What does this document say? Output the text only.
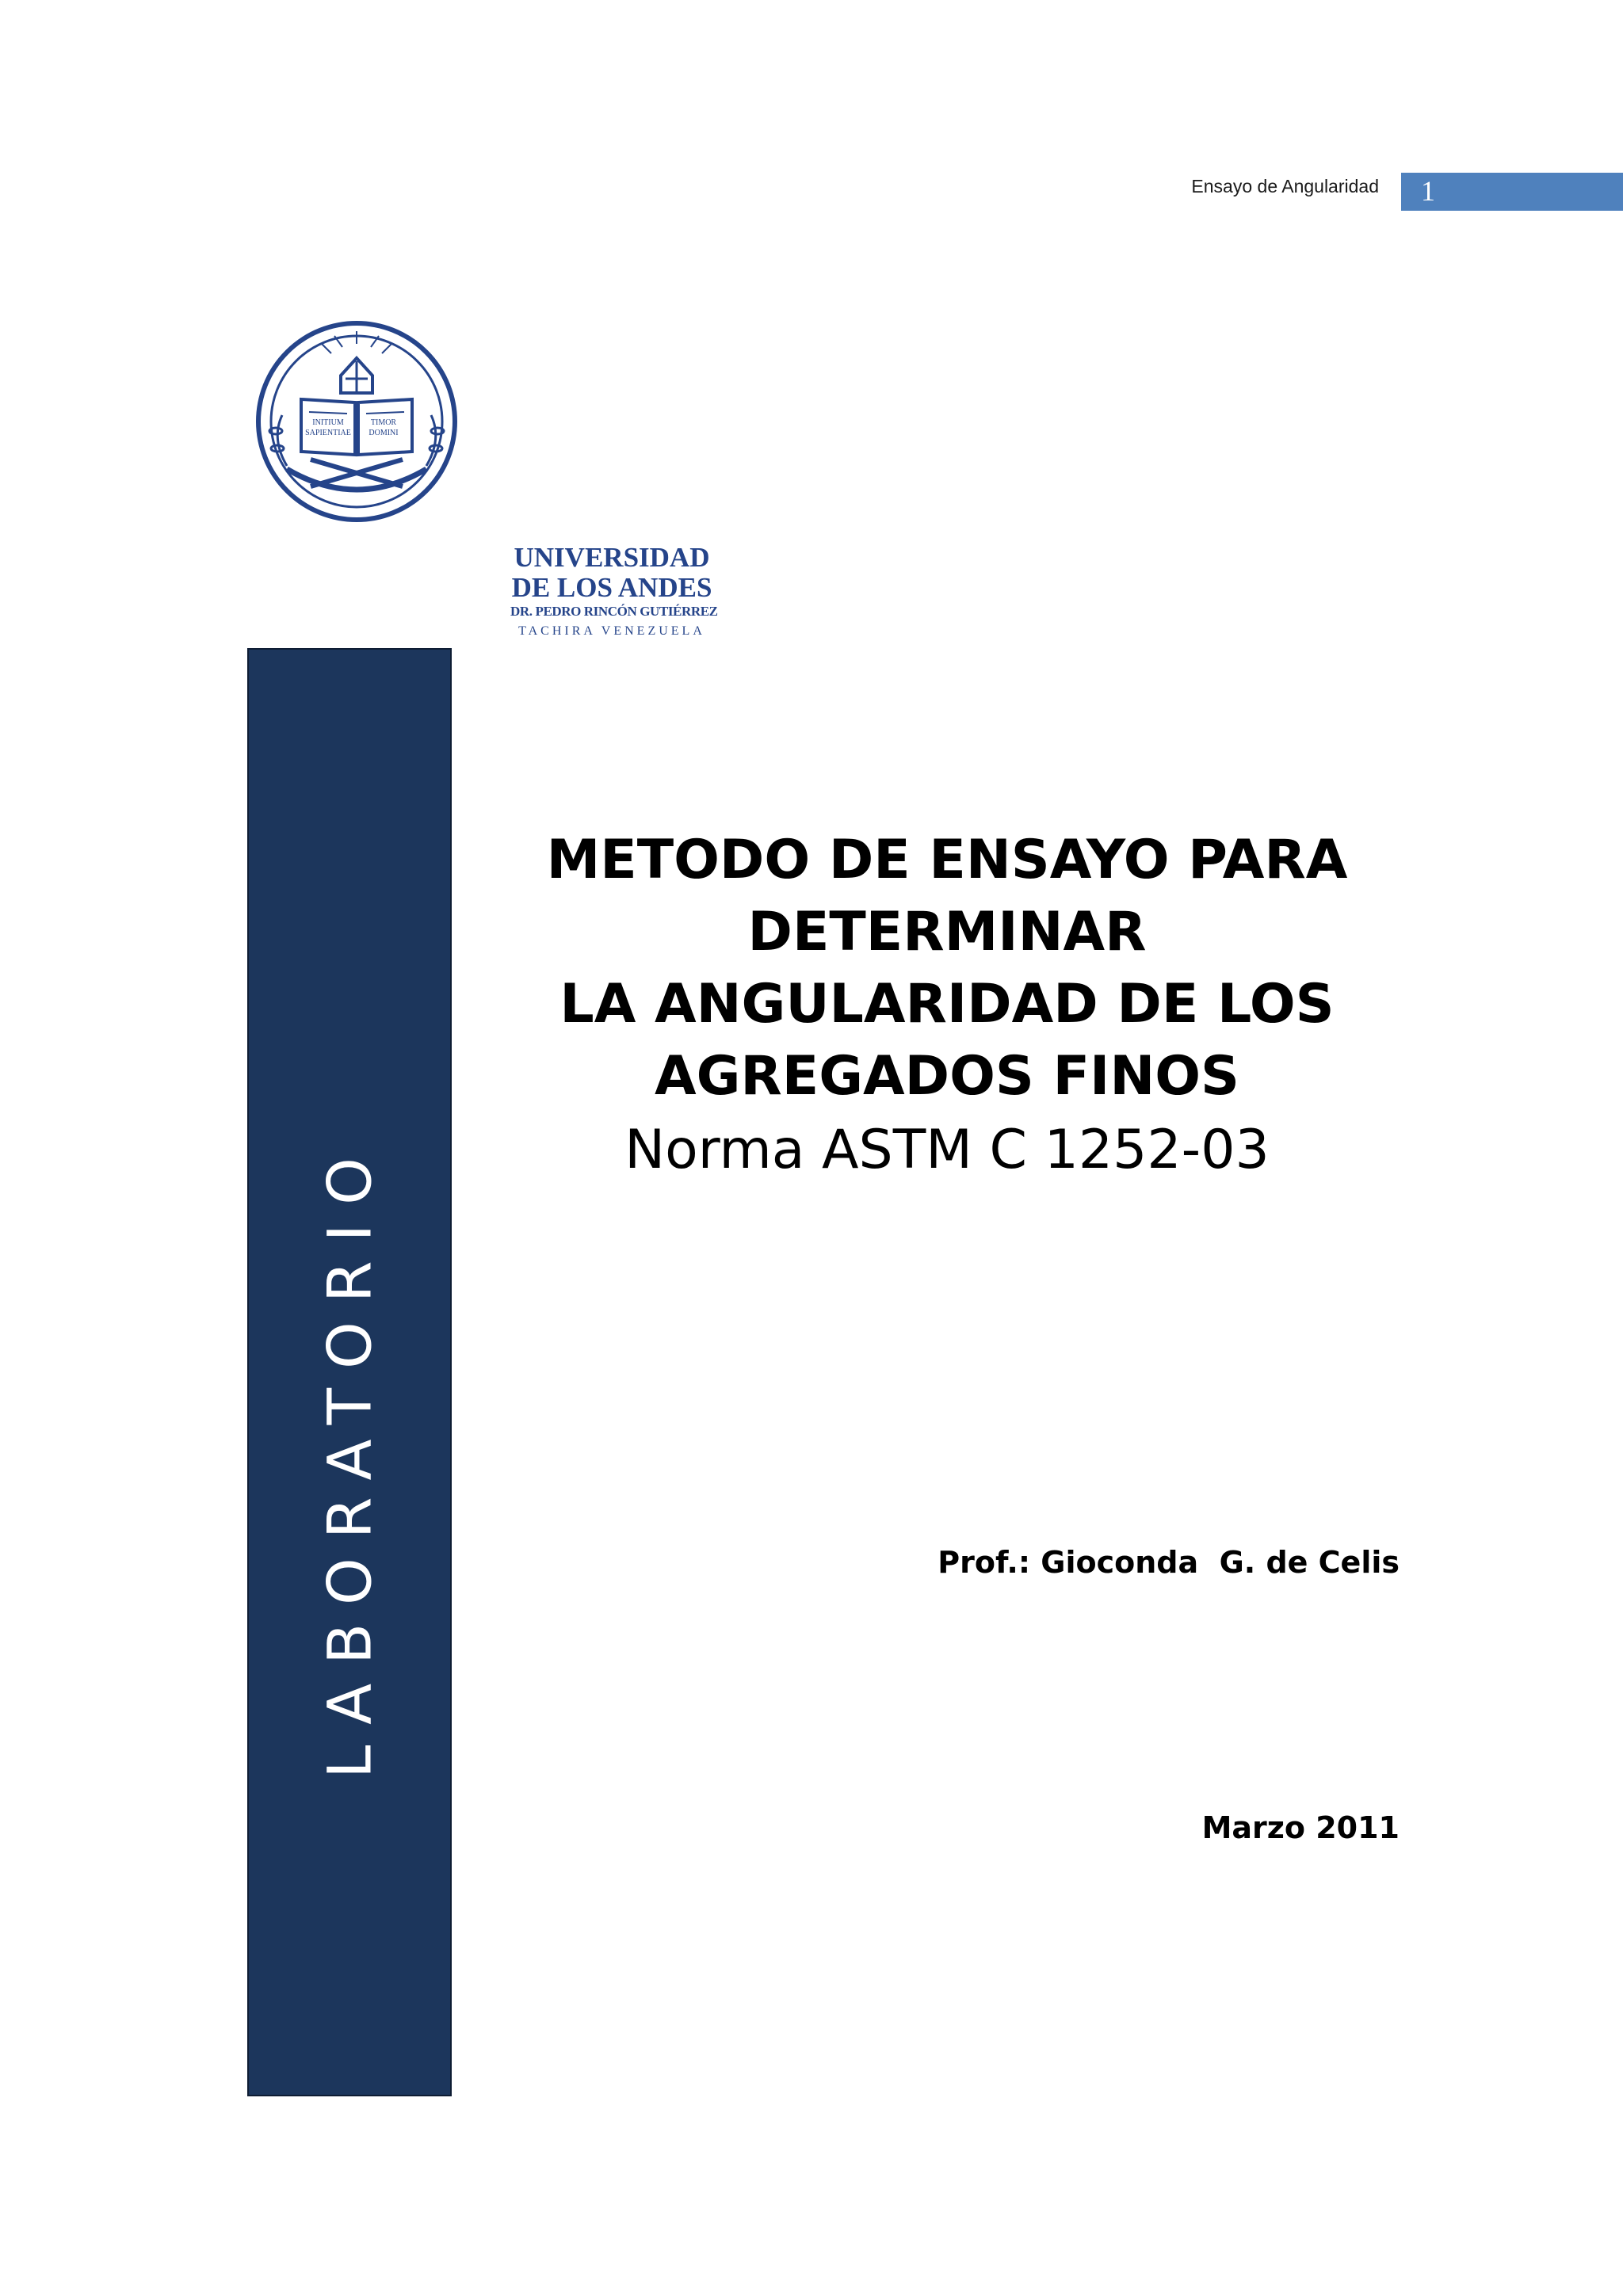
Ensayo de Angularidad	1
INITIUM
SAPIENTIAE
TIMOR
DOMINI
UNIVERSIDAD
DE LOS ANDES
DR. PEDRO RINCÓN GUTIÉRREZ
TACHIRA VENEZUELA
LABORATORIO
METODO DE ENSAYO PARA
DETERMINAR
LA ANGULARIDAD DE LOS
AGREGADOS FINOS
Norma ASTM C 1252-03
Prof.: Gioconda  G. de Celis
Marzo 2011
